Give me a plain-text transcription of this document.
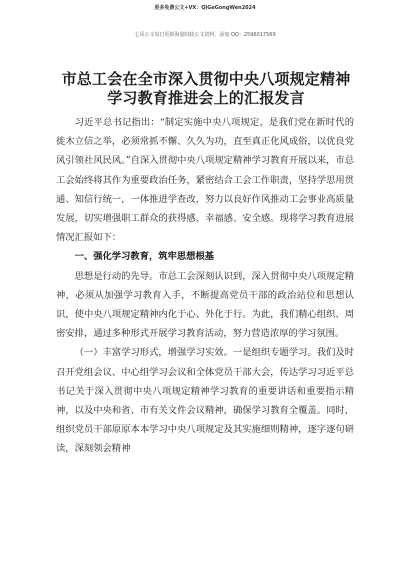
更多免费公文+VX：QiGeGongWen2024
七哥公文每日更新海量时政公文资料，添加 QQ：2596017569
市总工会在全市深入贯彻中央八项规定精神学习教育推进会上的汇报发言

习近平总书记指出：“制定实施中央八项规定，是我们党在新时代的徙木立信之举，必须常抓不懈、久久为功，直至真正化风成俗，以优良党风引领社风民风。”自深入贯彻中央八项规定精神学习教育开展以来，市总工会始终将其作为重要政治任务，紧密结合工会工作职责，坚持学思用贯通、知信行统一，一体推进学查改，努力以良好作风推动工会事业高质量发展，切实增强职工群众的获得感、幸福感、安全感。现将学习教育进展情况汇报如下：

一、强化学习教育，筑牢思想根基

思想是行动的先导。市总工会深刻认识到，深入贯彻中央八项规定精神，必须从加强学习教育入手，不断提高党员干部的政治站位和思想认识，使中央八项规定精神内化于心、外化于行。为此，我们精心组织、周密安排，通过多种形式开展学习教育活动，努力营造浓厚的学习氛围。

（一）丰富学习形式，增强学习实效。一是组织专题学习。我们及时召开党组会议、中心组学习会议和全体党员干部大会，传达学习习近平总书记关于深入贯彻中央八项规定精神学习教育的重要讲话和重要指示精神，以及中央和省、市有关文件会议精神，确保学习教育全覆盖。同时，组织党员干部原原本本学习中央八项规定及其实施细则精神，逐字逐句研读，深刻领会精神
